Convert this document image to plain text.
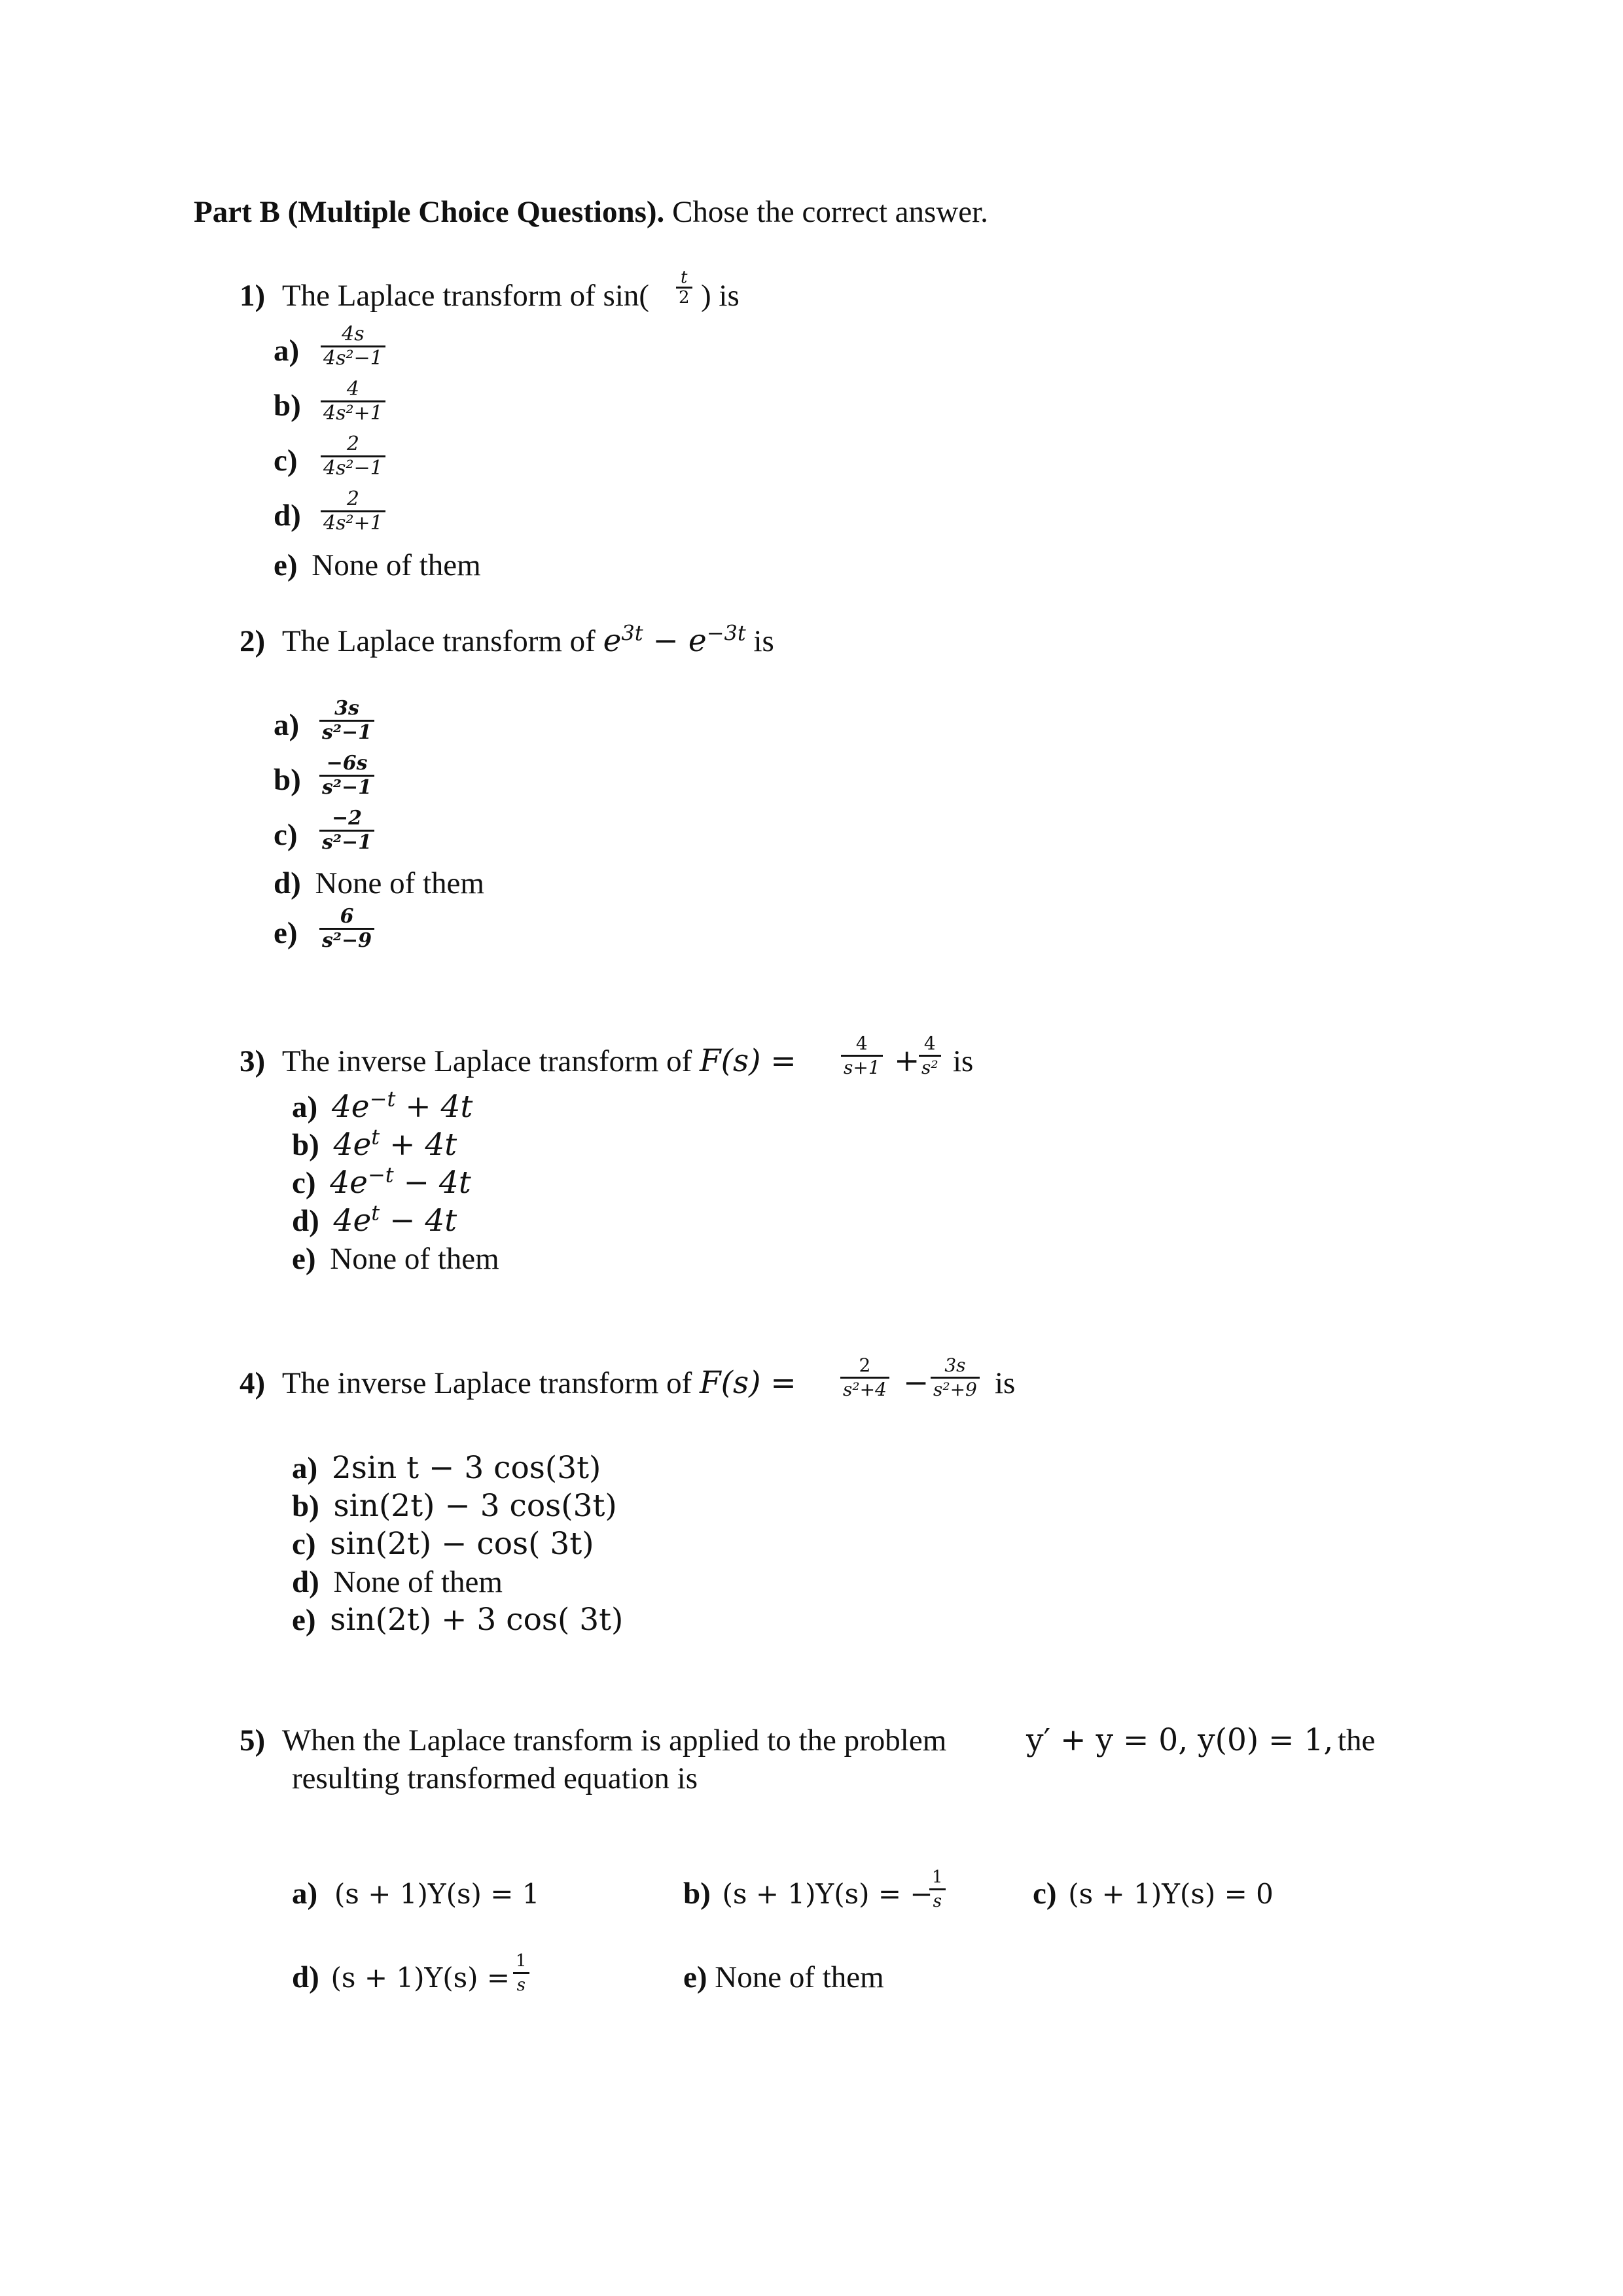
Part B (Multiple Choice Questions). Chose the correct answer.
1) The Laplace transform of sin(
t
2 ) is
a) 4s
4s²−1
b) 4
4s²+1
c)	2
4s²−1
d) 2
4s²+1
e) None of them
2) The Laplace transform of $e^{3t} - e^{-3t}$ is
a) 3s
s²−1
b) −6s
s²−1
c) −2
s²−1
d) None of them
e) 6
s²−9
3) The inverse Laplace transform of F(s) =	4
s+1 + 4
s² is
a) $4e^{-t} + 4t$
b) $4e^t + 4t$
c) $4e^{-t} - 4t$
d) $4e^t - 4t$
e) None of them
4) The inverse Laplace transform of F(s) =	2
s²+4 − 3s
s²+9 is
a) 2sin t − 3 cos(3t)
b) sin(2t) − 3 cos(3t)
c) sin(2t) − cos( 3t)
d) None of them
e) sin(2t) + 3 cos( 3t)
5) When the Laplace transform is applied to the problem	y′ + y = 0, y(0) = 1, the
resulting transformed equation is
a) (s + 1)Y(s) = 1	b) (s + 1)Y(s) = −
1
s	c) (s + 1)Y(s) = 0
d) (s + 1)Y(s) =
1
s	e) None of them
